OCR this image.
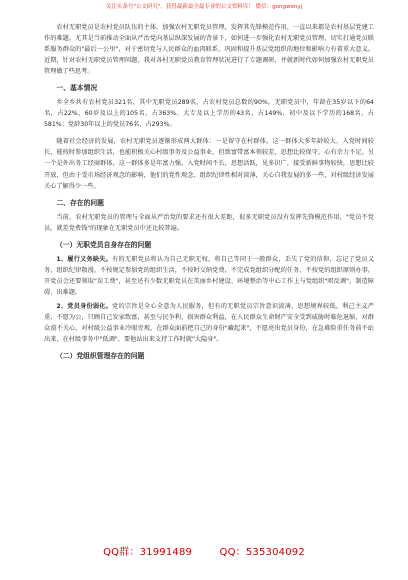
关注头条号"公文研究"，获得最新最全最专业的公文资料库！ 微信：gongwenyj

农村无职党员是农村党员队伍的主体，加强农村无职党员管理，发挥其先锋模范作用，一直以来都是农村基层党建工作的难题。尤其是当前推动全面从严治党向基层纵深发展的背景下，如何进一步强化农村无职党员管理，切实打通党员联系服务群众的"最后一公里"，对于密切党与人民群众的血肉联系，巩固和提升基层党组织的地位和影响力有着重大意义。近期，针对农村无职党员管理问题，我对各村无职党员教育管理状况进行了专题调研，并就新时代如何加强农村无职党员管理做了些思考。

一、基本情况

乡全乡共有农村党员321名，其中无职党员289名，占农村党员总数的90%。无职党员中，年龄在35岁以下的64名，占22%，60岁及以上的105名，占363%。大专及以上学历的43名，占149%，初中及以下学历的168名，占581%；党龄30年以上的党员76名，占293%。

随着社会经济的发展，农村无职党员逐渐形成两大群体：一是留守在村群体，这一群体大多年龄较大、入党时间较长，能按时参加组织生活，也能积极关心村级事务及公益事业，但致富带富本领较差，思想比较保守，心有余力不足。另一个是外出务工经商群体，这一群体多是年富力强、入党时间不长，思想活跃，见多识广，接受新鲜事物较快，思想比较开放，但由于受市场经济观念的影响，他们的党性观念、组织纪律性相对淡薄，关心自我发展的多一些，对村级经济发展关心了解得少一些。

二、存在的问题

当前，农村无职党员的管理与全面从严治党的要求还有很大差距，很多无职党员没有发挥先锋模范作用，"党员不党员，就差党费钱"的现象在无职党员中还比较普遍。

（一）无职党员自身存在的问题

1、履行义务缺失。有的无职党员将认为自己无职无权，将自己等同于一般群众，丢失了党的信仰，忘记了党员义务，组织纪律散漫，不按规定参加党的组织生活，不按时交纳党费，不完成党组织分配的任务，不按党的组织原则办事，开党员会还要领取"误工费"，甚至还有少数无职党员在美丽乡村建设、环境整治等中心工作上与党组织"唱反调"，制造障碍、出难题。

2、党员身份弱化。党的宗旨是全心全意为人民服务，但有的无职党员宗旨意识淡薄，思想境界较低，利己主义严重，不愿为公，只顾自己发家致富，甚至与民争利、损害群众利益，在人民群众生命财产安全受到威胁时临危退缩，对群众漠不关心，对村级公益事业冷眼旁观，在群众面前把自己的身份"藏起来"，不愿亮出党员身份，在急难险重任务前不站出来，在村级事务中"低调"，要他站出来支持工作时就"大隐身"。

（二）党组织管理存在的问题
QQ群：31991489	QQ：535304092
